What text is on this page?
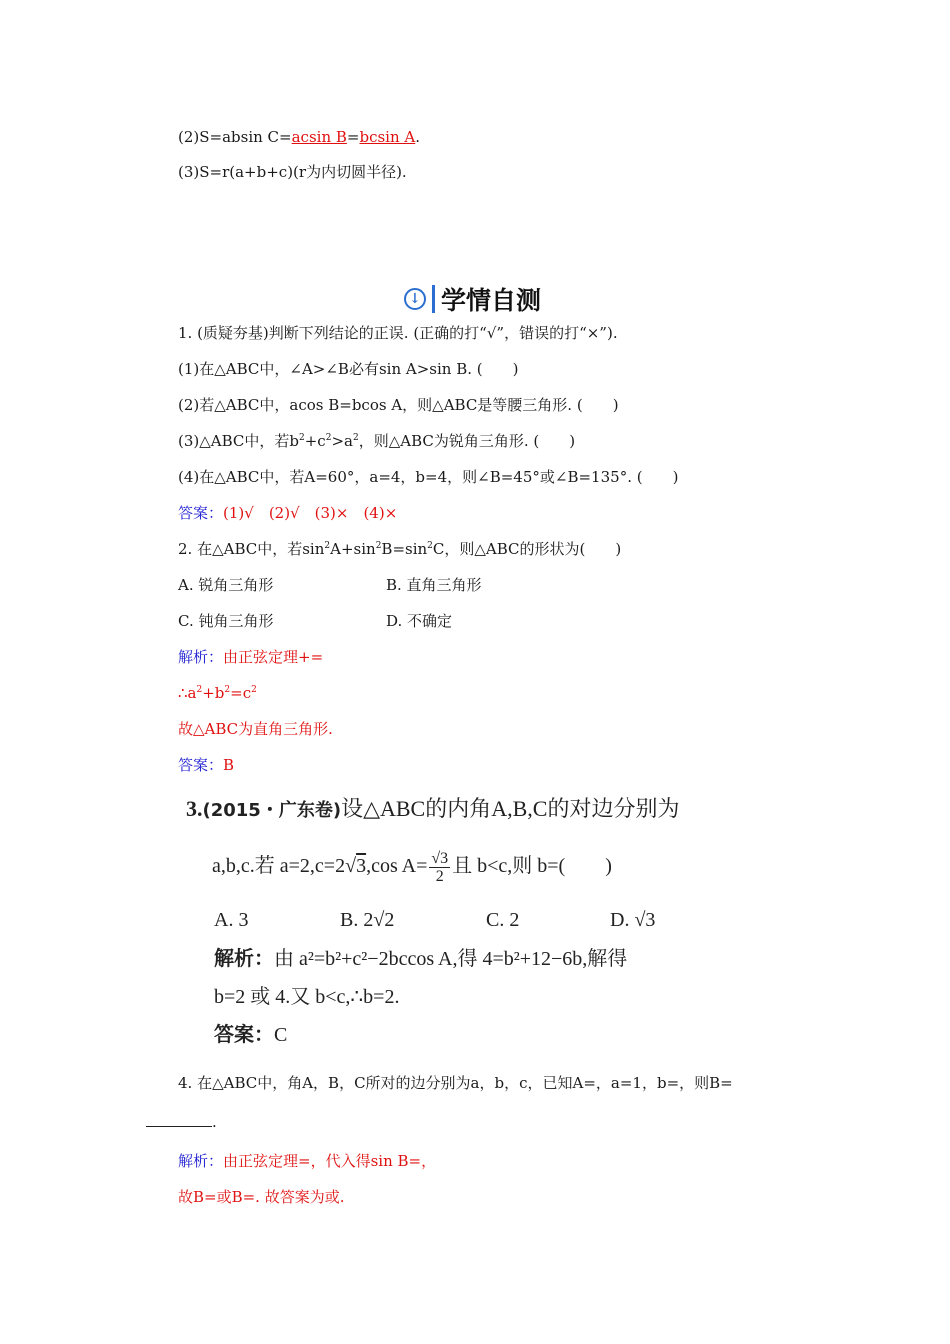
(2)S=absin C=acsin B=bcsin A.
(3)S=r(a+b+c)(r为内切圆半径).
↓ 学情自测
1. (质疑夯基)判断下列结论的正误. (正确的打“√”，错误的打“×”).
(1)在△ABC中，∠A>∠B必有sin A>sin B. (　　)
(2)若△ABC中，acos B=bcos A，则△ABC是等腰三角形. (　　)
(3)△ABC中，若$b^2+c^2>a^2$，则△ABC为锐角三角形. (　　)
(4)在△ABC中，若A=60°，a=4，b=4，则∠B=45°或∠B=135°. (　　)
答案：(1)√　(2)√　(3)×　(4)×
2. 在△ABC中，若$\sin^2A+\sin^2B=\sin^2C$，则△ABC的形状为(　　)
A. 锐角三角形	B. 直角三角形
C. 钝角三角形	D. 不确定
解析：由正弦定理+=
$\therefore a^2+b^2=c^2$
故△ABC为直角三角形.
答案：B
3.(2015・广东卷)设△ABC的内角A,B,C的对边分别为
a,b,c.若 a=2,c=2√3,cos $A= \frac{√3}{2}$ 且 b<c,则 b=(　　)
A. 3	B. 2√2	C. 2	D. √3
解析：由 a²=b²+c²−2bccos A,得 4=b²+12−6b,解得
b=2 或 4.又 b<c,∴b=2.
答案：C
4. 在△ABC中，角A，B，C所对的边分别为a，b，c，已知A=，a=1，b=，则B=
.
解析：由正弦定理=，代入得sin B=，
故B=或B=. 故答案为或.
